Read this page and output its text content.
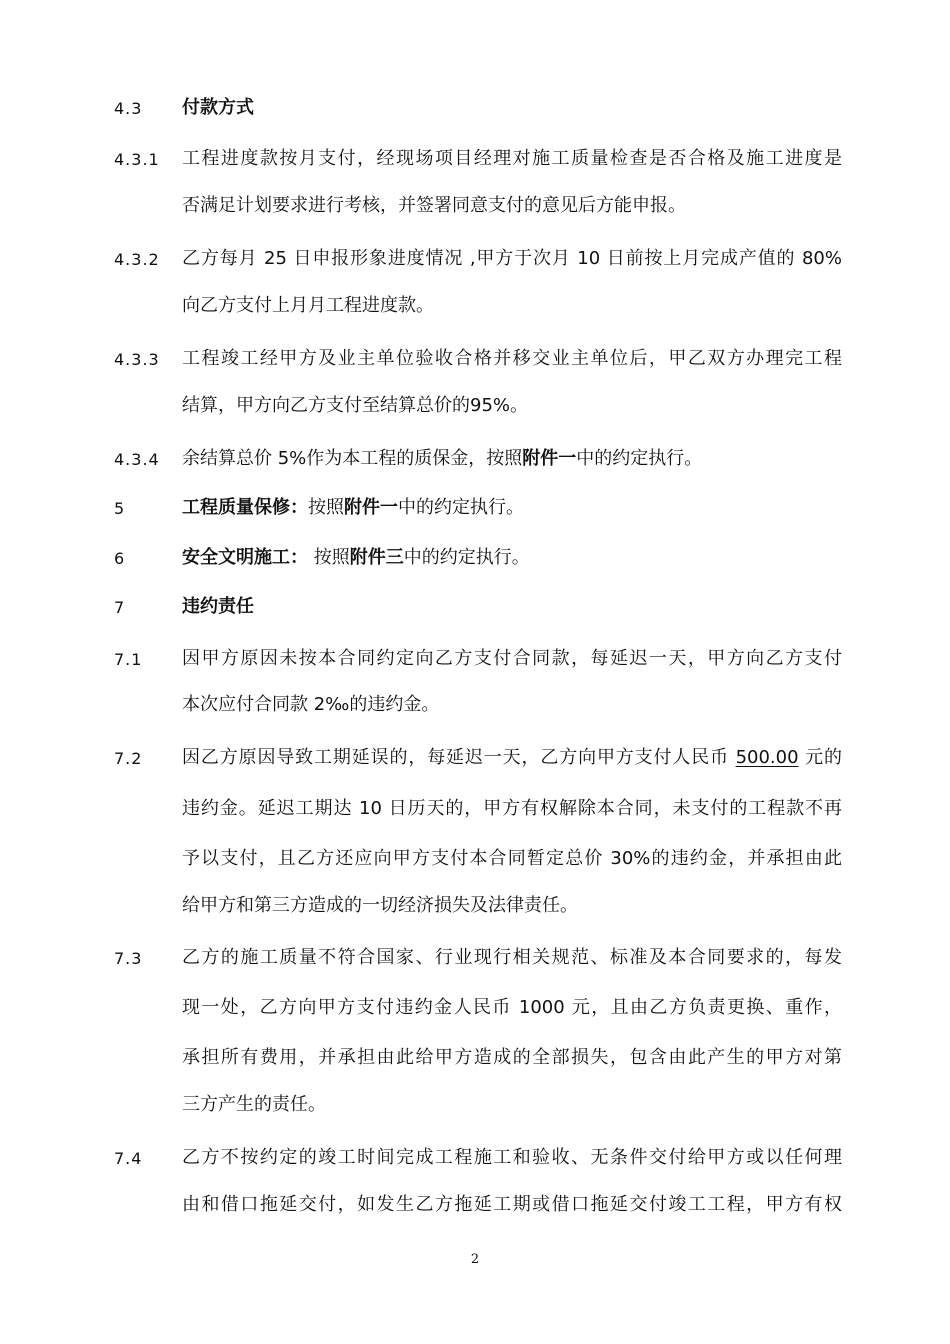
4.3 付款方式
4.3.1 工程进度款按月支付，经现场项目经理对施工质量检查是否合格及施工进度是
否满足计划要求进行考核，并签署同意支付的意见后方能申报。
4.3.2 乙方每月 25 日申报形象进度情况 ,甲方于次月 10 日前按上月完成产值的 80%
向乙方支付上月月工程进度款。
4.3.3 工程竣工经甲方及业主单位验收合格并移交业主单位后，甲乙双方办理完工程
结算，甲方向乙方支付至结算总价的95%。
4.3.4 余结算总价 5%作为本工程的质保金，按照附件一中的约定执行。
5	工程质量保修：按照附件一中的约定执行。
6	安全文明施工： 按照附件三中的约定执行。
7	违约责任
7.1 因甲方原因未按本合同约定向乙方支付合同款，每延迟一天，甲方向乙方支付
本次应付合同款 2‰的违约金。
7.2 因乙方原因导致工期延误的，每延迟一天，乙方向甲方支付人民币 500.00 元的
违约金。延迟工期达 10 日历天的，甲方有权解除本合同，未支付的工程款不再
予以支付，且乙方还应向甲方支付本合同暂定总价 30%的违约金，并承担由此
给甲方和第三方造成的一切经济损失及法律责任。
7.3 乙方的施工质量不符合国家、行业现行相关规范、标准及本合同要求的，每发
现一处，乙方向甲方支付违约金人民币 1000 元，且由乙方负责更换、重作，
承担所有费用，并承担由此给甲方造成的全部损失，包含由此产生的甲方对第
三方产生的责任。
7.4 乙方不按约定的竣工时间完成工程施工和验收、无条件交付给甲方或以任何理
由和借口拖延交付，如发生乙方拖延工期或借口拖延交付竣工工程，甲方有权
2
